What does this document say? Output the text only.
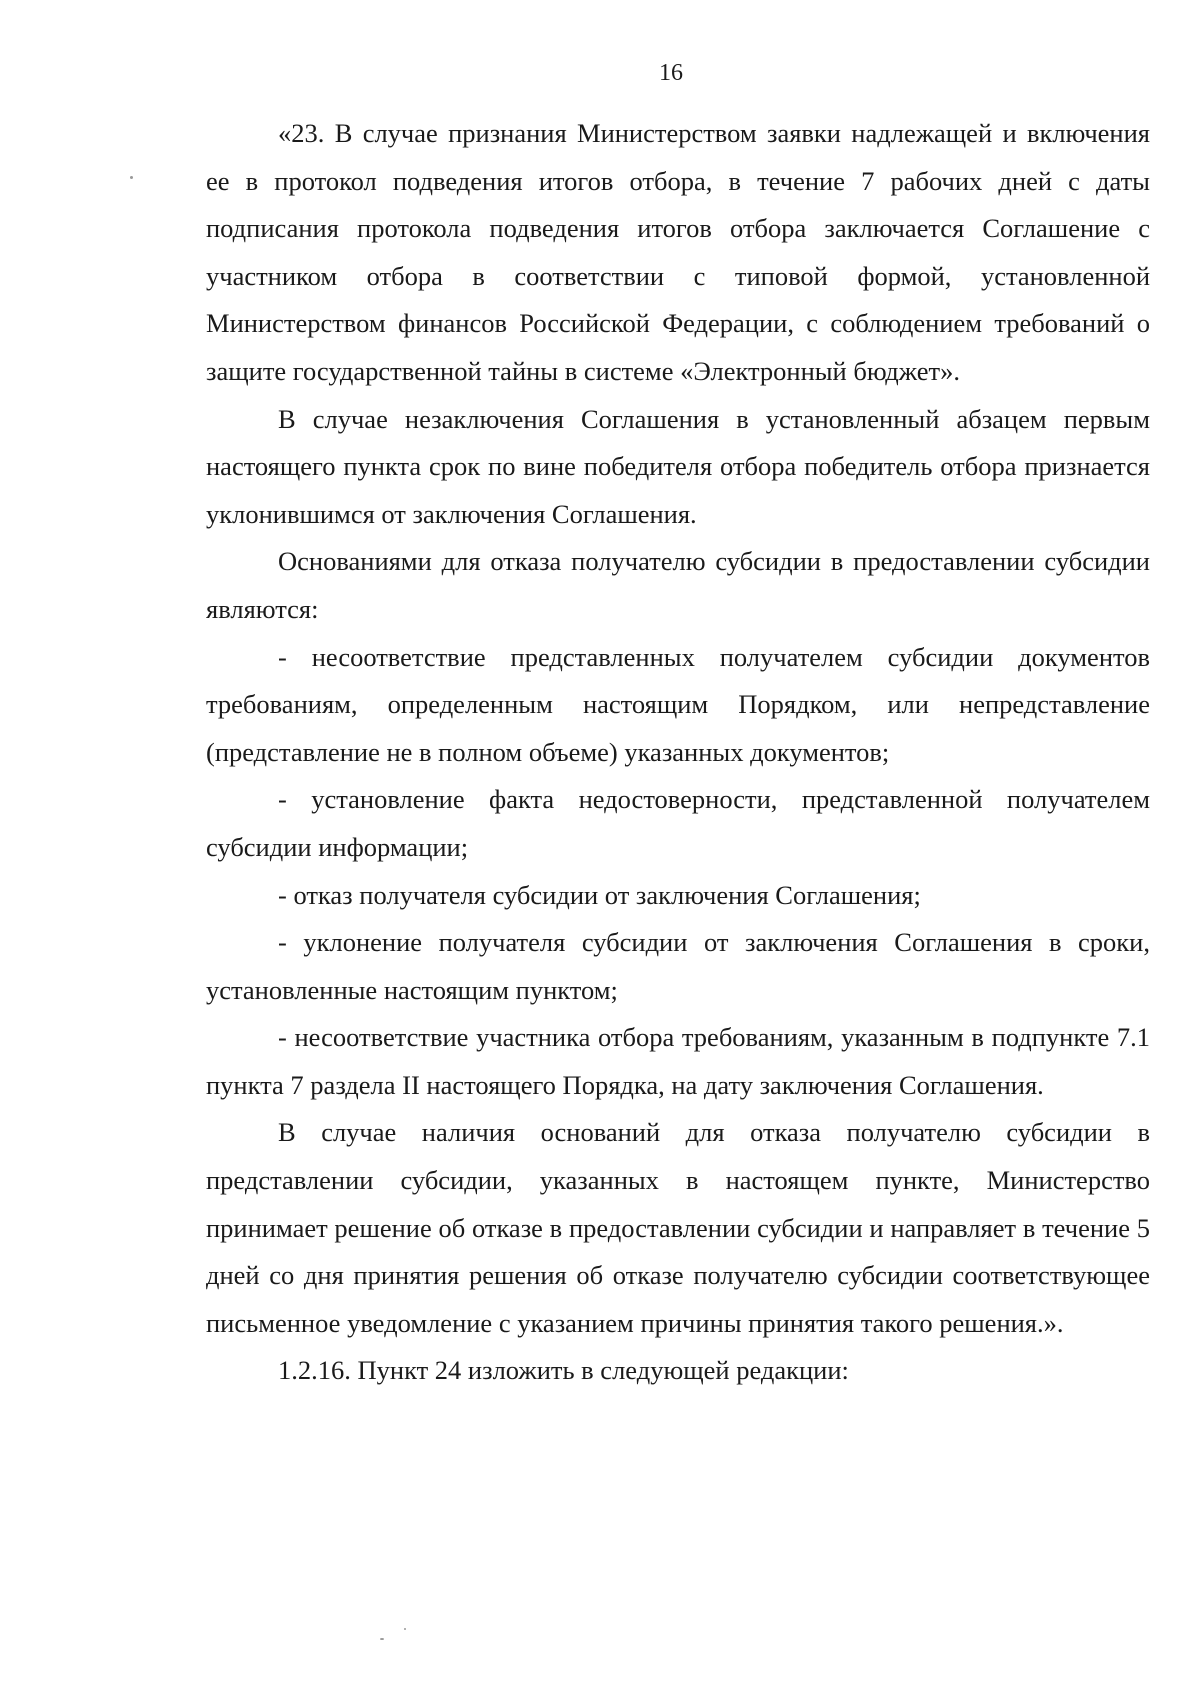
16

«23. В случае признания Министерством заявки надлежащей и включения ее в протокол подведения итогов отбора, в течение 7 рабочих дней с даты подписания протокола подведения итогов отбора заключается Соглашение с участником отбора в соответствии с типовой формой, установленной Министерством финансов Российской Федерации, с соблюдением требований о защите государственной тайны в системе «Электронный бюджет».

В случае незаключения Соглашения в установленный абзацем первым настоящего пункта срок по вине победителя отбора победитель отбора признается уклонившимся от заключения Соглашения.

Основаниями для отказа получателю субсидии в предоставлении субсидии являются:

- несоответствие представленных получателем субсидии документов требованиям, определенным настоящим Порядком, или непредставление (представление не в полном объеме) указанных документов;

- установление факта недостоверности, представленной получателем субсидии информации;

- отказ получателя субсидии от заключения Соглашения;

- уклонение получателя субсидии от заключения Соглашения в сроки, установленные настоящим пунктом;

- несоответствие участника отбора требованиям, указанным в подпункте 7.1 пункта 7 раздела II настоящего Порядка, на дату заключения Соглашения.

В случае наличия оснований для отказа получателю субсидии в представлении субсидии, указанных в настоящем пункте, Министерство принимает решение об отказе в предоставлении субсидии и направляет в течение 5 дней со дня принятия решения об отказе получателю субсидии соответствующее письменное уведомление с указанием причины принятия такого решения.».

1.2.16. Пункт 24 изложить в следующей редакции:
